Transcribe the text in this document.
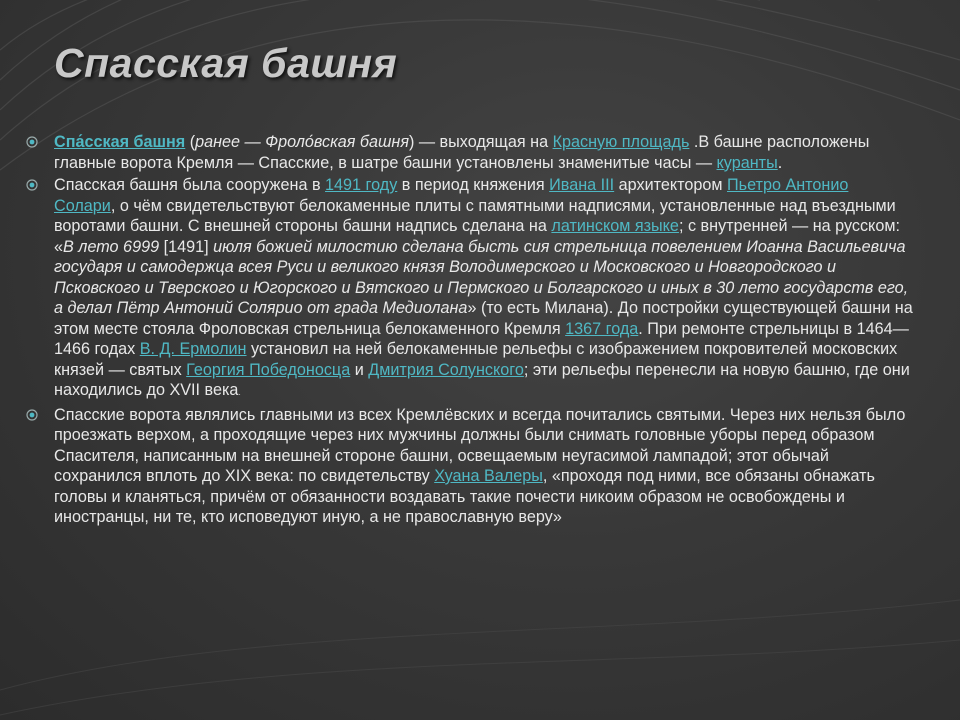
Спасская башня
Спа́сская башня (ранее — Фроло́вская башня) — выходящая на Красную площадь .В башне расположены главные ворота Кремля — Спасские, в шатре башни установлены знаменитые часы — куранты.
Спасская башня была сооружена в 1491 году в период княжения Ивана III архитектором Пьетро Антонио Солари, о чём свидетельствуют белокаменные плиты с памятными надписями, установленные над въездными воротами башни. С внешней стороны башни надпись сделана на латинском языке; с внутренней — на русском: «В лето 6999 [1491] июля божией милостию сделана бысть сия стрельница повелением Иоанна Васильевича государя и самодержца всея Руси и великого князя Володимерского и Московского и Новгородского и Псковского и Тверского и Югорского и Вятского и Пермского и Болгарского и иных в 30 лето государств его, а делал Пётр Антоний Солярио от града Медиолана» (то есть Милана). До постройки существующей башни на этом месте стояла Фроловская стрельница белокаменного Кремля 1367 года. При ремонте стрельницы в 1464—1466 годах В. Д. Ермолин установил на ней белокаменные рельефы с изображением покровителей московских князей — святых Георгия Победоносца и Дмитрия Солунского; эти рельефы перенесли на новую башню, где они находились до XVII века.
Спасские ворота являлись главными из всех Кремлёвских и всегда почитались святыми. Через них нельзя было проезжать верхом, а проходящие через них мужчины должны были снимать головные уборы перед образом Спасителя, написанным на внешней стороне башни, освещаемым неугасимой лампадой; этот обычай сохранился вплоть до XIX века: по свидетельству Хуана Валеры, «проходя под ними, все обязаны обнажать головы и кланяться, причём от обязанности воздавать такие почести никоим образом не освобождены и иностранцы, ни те, кто исповедуют иную, а не православную веру»
